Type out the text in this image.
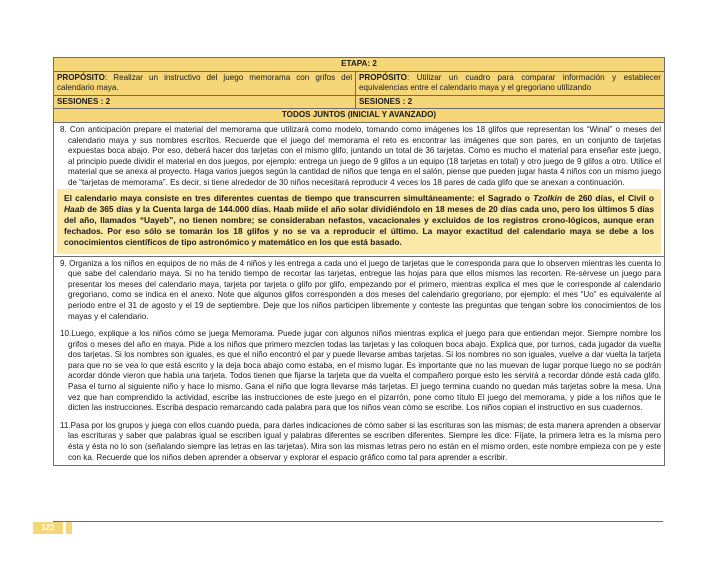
ETAPA: 2
PROPÓSITO: Realizar un instructivo del juego memorama con grifos del calendario maya.
PROPÓSITO: Utilizar un cuadro para comparar información y establecer equivalencias entre el calendario maya y el gregoriano utilizando
SESIONES : 2	SESIONES : 2
TODOS JUNTOS (INICIAL Y AVANZADO)

8. Con anticipación prepare el material del memorama que utilizará como modelo, tomando como imágenes los 18 glifos que representan los “Winal” o meses del calendario maya y sus nombres escritos. Recuerde que el juego del memorama el reto es encontrar las imágenes que son pares, en un conjunto de tarjetas expuestas boca abajo. Por eso, deberá hacer dos tarjetas con el mismo glifo, juntando un total de 36 tarjetas. Como es mucho el material para enseñar este juego, al principio puede dividir el material en dos juegos, por ejemplo: entrega un juego de 9 glifos a un equipo (18 tarjetas en total) y otro juego de 9 glifos a otro. Utilice el material que se anexa al proyecto. Haga varios juegos según la cantidad de niños que tenga en el salón, piense que pueden jugar hasta 4 niños con un mismo juego de “tarjetas de memorama”. Es decir, si tiene alrededor de 30 niños necesitará reproducir 4 veces los 18 pares de cada glifo que se anexan a continuación.

El calendario maya consiste en tres diferentes cuentas de tiempo que transcurren simultáneamente: el Sagrado o Tzolkin de 260 días, el Civil o Haab de 365 días y la Cuenta larga de 144.000 días. Haab miide el año solar dividiéndolo en 18 meses de 20 días cada uno, pero los últimos 5 días del año, llamados “Uayeb”, no tienen nombre; se consideraban nefastos, vacacionales y excluidos de los registros crono-lógicos, aunque eran fechados. Por eso sólo se tomarán los 18 glifos y no se va a reproducir el último. La mayor exactitud del calendario maya se debe a los conocimientos científicos de tipo astronómico y matemático en los que está basado.

9. Organiza a los niños en equipos de no más de 4 niños y les entrega a cada uno el juego de tarjetas que le corresponda para que lo observen mientras les cuenta lo que sabe del calendario maya. Si no ha tenido tiempo de recortar las tarjetas, entregue las hojas para que ellos mismos las recorten. Re-sérvese un juego para presentar los meses del calendario maya, tarjeta por tarjeta o glifo por glifo, empezando por el primero, mientras explica el mes que le corresponde al calendario gregoriano, como se indica en el anexo. Note que algunos glifos corresponden a dos meses del calendario gregoriano, por ejemplo: el mes “Uo” es equivalente al periodo entre el 31 de agosto y el 19 de septiembre. Deje que los niños participen libremente y conteste las preguntas que tengan sobre los conocimientos de los mayas y el calendario.

10.Luego, explique a los niños cómo se juega Memorama. Puede jugar con algunos niños mientras explica el juego para que entiendan mejor. Siempre nombre los grifos o meses del año en maya. Pide a los niños que primero mezclen todas las tarjetas y las coloquen boca abajo. Explica que, por turnos, cada jugador da vuelta dos tarjetas. Si los nombres son iguales, es que el niño encontró el par y puede llevarse ambas tarjetas. Si los nombres no son iguales, vuelve a dar vuelta la tarjeta para que no se vea lo que está escrito y la deja boca abajo como estaba, en el mismo lugar. Es importante que no las muevan de lugar porque luego no se podrán acordar dónde vieron que había una tarjeta. Todos tienen que fijarse la tarjeta que da vuelta el compañero porque esto les servirá a recordar dónde está cada glifo. Pasa el turno al siguiente niño y hace lo mismo. Gana el niño que logra llevarse más tarjetas. El juego termina cuando no quedan más tarjetas sobre la mesa. Una vez que han comprendido la actividad, escribe las instrucciones de este juego en el pizarrón, pone como título El juego del memorama, y pide a los niños que le dicten las instrucciones. Escriba despacio remarcando cada palabra para que los niños vean cómo se escribe. Los niños copian el instructivo en sus cuadernos.

11.Pasa por los grupos y juega con ellos cuando pueda, para darles indicaciones de cómo saber si las escrituras son las mismas; de esta manera aprenden a observar las escrituras y saber que palabras igual se escriben igual y palabras diferentes se escriben diferentes. Siempre les dice: Fíjate, la primera letra es la misma pero ésta y ésta no lo son (señalando siempre las letras en las tarjetas). Mira son las mismas letras pero no están en el mismo orden, este nombre empieza con pe y este con ka. Recuerde que los niños deben aprender a observar y explorar el espacio gráfico como tal para aprender a escribir.

122
